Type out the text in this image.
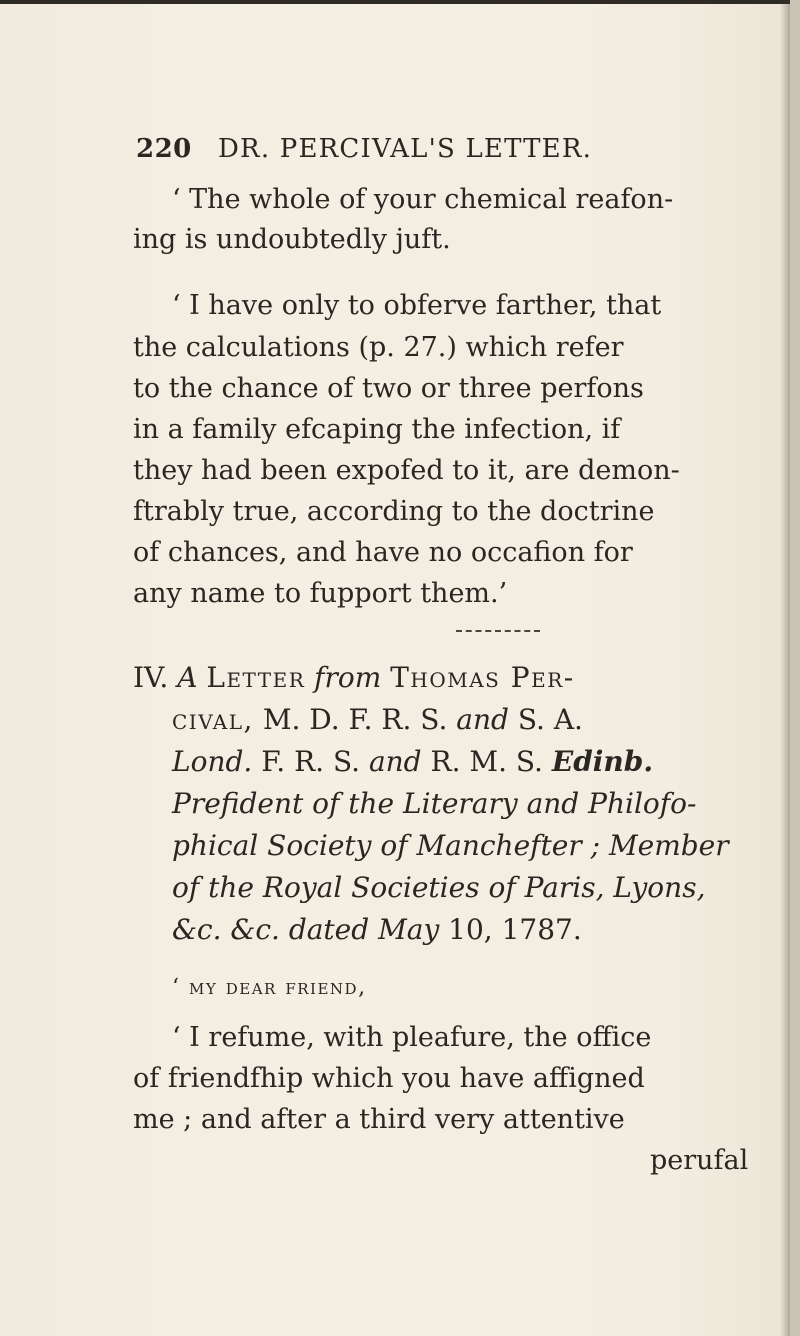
220 DR. PERCIVAL'S LETTER.
‘ The whole of your chemical reafon-
ing is undoubtedly juft.
‘ I have only to obferve farther, that
the calculations (p. 27.) which refer
to the chance of two or three perfons
in a family efcaping the infection, if
they had been expofed to it, are demon-
ftrably true, according to the doctrine
of chances, and have no occafion for
any name to fupport them.’
IV. A Letter from Thomas Per-
cival, M. D. F. R. S. and S. A.
Lond. F. R. S. and R. M. S. Edinb.
Prefident of the Literary and Philofo-
phical Society of Manchefter ; Member
of the Royal Societies of Paris, Lyons,
&c. &c. dated May 10, 1787.
‘ my dear friend,
‘ I refume, with pleafure, the office
of friendfhip which you have affigned
me ; and after a third very attentive
perufal
